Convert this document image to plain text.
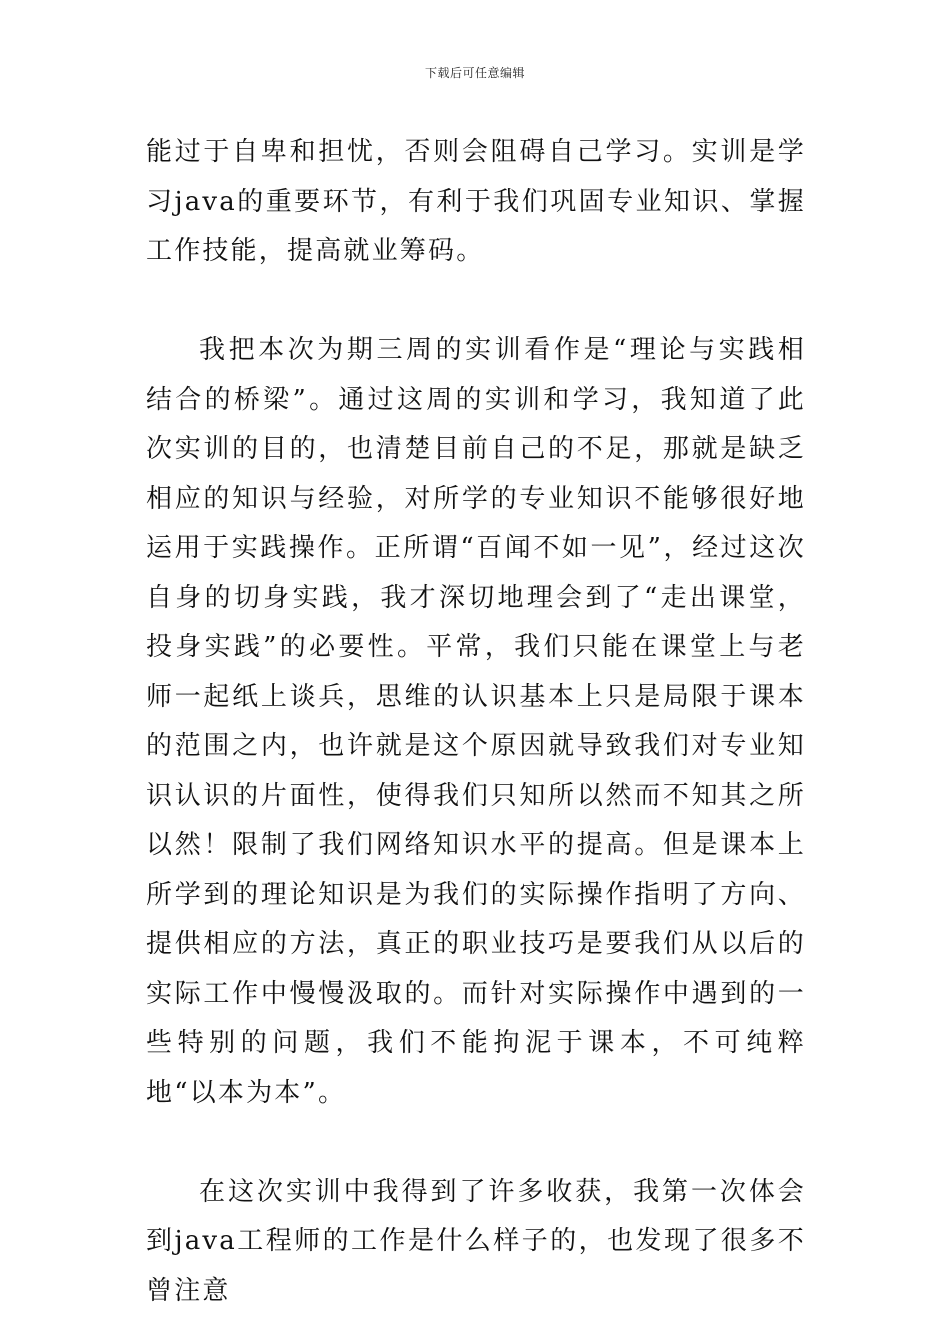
下载后可任意编辑

能过于自卑和担忧，否则会阻碍自己学习。实训是学习java的重要环节，有利于我们巩固专业知识、掌握工作技能，提高就业筹码。

我把本次为期三周的实训看作是“理论与实践相结合的桥梁”。通过这周的实训和学习，我知道了此次实训的目的，也清楚目前自己的不足，那就是缺乏相应的知识与经验，对所学的专业知识不能够很好地运用于实践操作。正所谓“百闻不如一见”，经过这次自身的切身实践，我才深切地理会到了“走出课堂，投身实践”的必要性。平常，我们只能在课堂上与老师一起纸上谈兵，思维的认识基本上只是局限于课本的范围之内，也许就是这个原因就导致我们对专业知识认识的片面性，使得我们只知所以然而不知其之所以然！限制了我们网络知识水平的提高。但是课本上所学到的理论知识是为我们的实际操作指明了方向、提供相应的方法，真正的职业技巧是要我们从以后的实际工作中慢慢汲取的。而针对实际操作中遇到的一些特别的问题，我们不能拘泥于课本，不可纯粹地“以本为本”。

在这次实训中我得到了许多收获，我第一次体会到java工程师的工作是什么样子的，也发现了很多不曾注意
